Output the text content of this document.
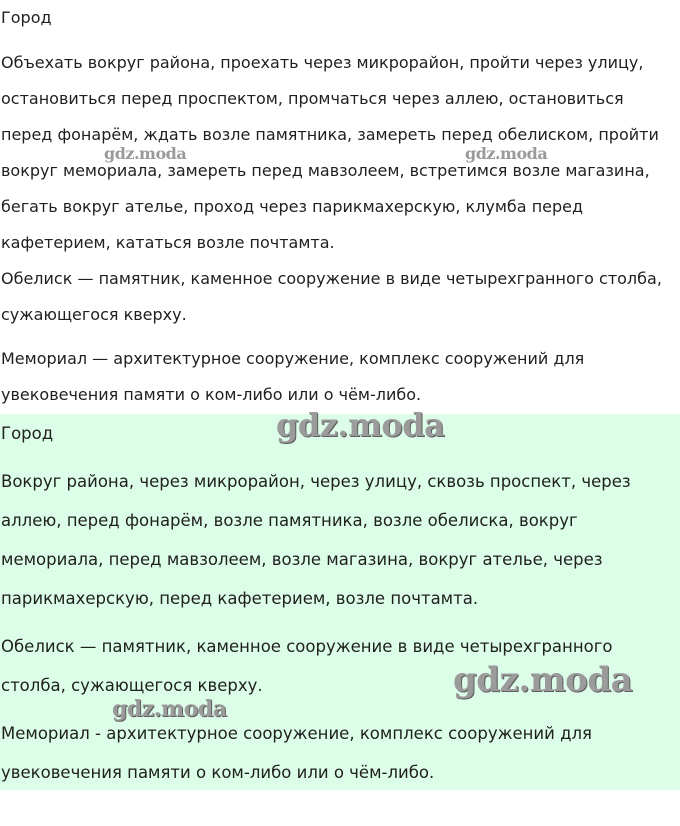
Город

Объехать вокруг района, проехать через микрорайон, пройти через улицу,

остановиться перед проспектом, промчаться через аллею, остановиться

перед фонарём, ждать возле памятника, замереть перед обелиском, пройти

вокруг мемориала, замереть перед мавзолеем, встретимся возле магазина,

бегать вокруг ателье, проход через парикмахерскую, клумба перед

кафетерием, кататься возле почтамта.

Обелиск — памятник, каменное сооружение в виде четырехгранного столба,

сужающегося кверху.

Мемориал — архитектурное сооружение, комплекс сооружений для

увековечения памяти о ком-либо или о чём-либо.

gdz.moda	gdz.moda

Город

Вокруг района, через микрорайон, через улицу, сквозь проспект, через

аллею, перед фонарём, возле памятника, возле обелиска, вокруг

мемориала, перед мавзолеем, возле магазина, вокруг ателье, через

парикмахерскую, перед кафетерием, возле почтамта.

Обелиск — памятник, каменное сооружение в виде четырехгранного

столба, сужающегося кверху.

Мемориал - архитектурное сооружение, комплекс сооружений для

увековечения памяти о ком-либо или о чём-либо.

gdz.moda
gdz.moda
gdz.moda
